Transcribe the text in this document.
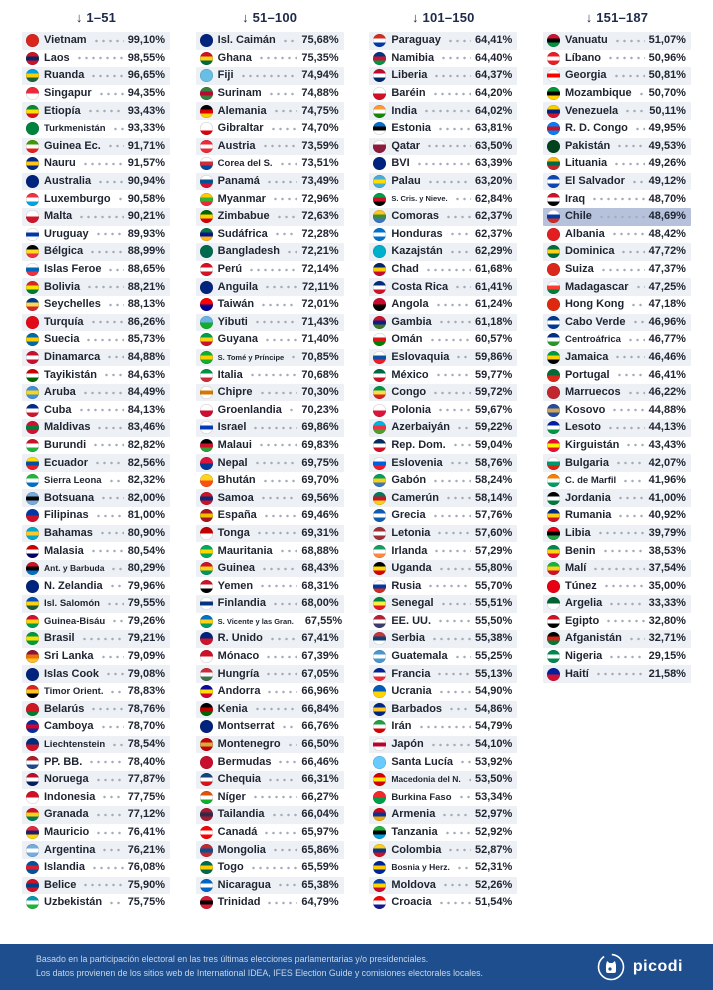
↓ 1–51
Vietnam	99,10%
Laos	98,55%
Ruanda	96,65%
Singapur	94,35%
Etiopía	93,43%
Turkmenistán 93,33%
Guinea Ec. 91,71%
Nauru	91,57%
Australia	90,94%
Luxemburgo 90,58%
Malta	90,21%
Uruguay	89,93%
Bélgica	88,99%
Islas Feroe 88,65%
Bolivia	88,21%
Seychelles 88,13%
Turquía	86,26%
Suecia	85,73%
Dinamarca 84,88%
Tayikistán	84,63%
Aruba	84,49%
Cuba	84,13%
Maldivas	83,46%
Burundi	82,82%
Ecuador	82,56%
Sierra Leona 82,32%
Botsuana	82,00%
Filipinas	81,00%
Bahamas	80,90%
Malasia	80,54%
Ant. y Barbuda 80,29%
N. Zelandia 79,96%
Isl. Salomón	79,55%
Guinea-Bisáu 79,26%
Brasil	79,21%
Sri Lanka	79,09%
Islas Cook	79,08%
Timor Orient. 78,83%
Belarús	78,76%
Camboya	78,70%
Liechtenstein 78,54%
PP. BB.	78,40%
Noruega	77,87%
Indonesia	77,75%
Granada	77,12%
Mauricio	76,41%
Argentina	76,21%
Islandia	76,08%
Belice	75,90%
Uzbekistán 75,75%
↓ 51–100
Isl. Caimán 75,68%
Ghana	75,35%
Fiji	74,94%
Surinam	74,88%
Alemania	74,75%
Gibraltar	74,70%
Austria	73,59%
Corea del S.	73,51%
Panamá	73,49%
Myanmar	72,96%
Zimbabue	72,63%
Sudáfrica	72,28%
Bangladesh 72,21%
Perú	72,14%
Anguila	72,11%
Taiwán	72,01%
Yibuti	71,43%
Guyana	71,40%
S. Tomé y Príncipe 70,85%
Italia	70,68%
Chipre	70,30%
Groenlandia 70,23%
Israel	69,86%
Malaui	69,83%
Nepal	69,75%
Bhután	69,70%
Samoa	69,56%
España	69,46%
Tonga	69,31%
Mauritania	68,88%
Guinea	68,43%
Yemen	68,31%
Finlandia	68,00%
S. Vicente y las Gran. 67,55%
R. Unido	67,41%
Mónaco	67,39%
Hungría	67,05%
Andorra	66,96%
Kenia	66,84%
Montserrat 66,76%
Montenegro 66,50%
Bermudas	66,46%
Chequia	66,31%
Níger	66,27%
Tailandia	66,04%
Canadá	65,97%
Mongolia	65,86%
Togo	65,59%
Nicaragua	65,38%
Trinidad	64,79%
↓ 101–150
Paraguay	64,41%
Namibia	64,40%
Liberia	64,37%
Baréin	64,20%
India	64,02%
Estonia	63,81%
Qatar	63,50%
BVI	63,39%
Palau	63,20%
S. Cris. y Nieve. 62,84%
Comoras	62,37%
Honduras	62,37%
Kazajstán	62,29%
Chad	61,68%
Costa Rica 61,41%
Angola	61,24%
Gambia	61,18%
Omán	60,57%
Eslovaquia 59,86%
México	59,77%
Congo	59,72%
Polonia	59,67%
Azerbaiyán 59,22%
Rep. Dom.	59,04%
Eslovenia	58,76%
Gabón	58,24%
Camerún	58,14%
Grecia	57,76%
Letonia	57,60%
Irlanda	57,29%
Uganda	55,80%
Rusia	55,70%
Senegal	55,51%
EE. UU.	55,50%
Serbia	55,38%
Guatemala 55,25%
Francia	55,13%
Ucrania	54,90%
Barbados	54,86%
Irán	54,79%
Japón	54,10%
Santa Lucía 53,92%
Macedonia del N. 53,50%
Burkina Faso 53,34%
Armenia	52,97%
Tanzania	52,92%
Colombia	52,87%
Bosnia y Herz. 52,31%
Moldova	52,26%
Croacia	51,54%
↓ 151–187
Vanuatu	51,07%
Líbano	50,96%
Georgia	50,81%
Mozambique 50,70%
Venezuela	50,11%
R. D. Congo 49,95%
Pakistán	49,53%
Lituania	49,26%
El Salvador 49,12%
Iraq	48,70%
Chile	48,69%
Albania	48,42%
Dominica	47,72%
Suiza	47,37%
Madagascar 47,25%
Hong Kong 47,18%
Cabo Verde 46,96%
Centroáfrica	46,77%
Jamaica	46,46%
Portugal	46,41%
Marruecos	46,22%
Kosovo	44,88%
Lesoto	44,13%
Kirguistán	43,43%
Bulgaria	42,07%
C. de Marfil	41,96%
Jordania	41,00%
Rumania	40,92%
Libia	39,79%
Benin	38,53%
Malí	37,54%
Túnez	35,00%
Argelia	33,33%
Egipto	32,80%
Afganistán 32,71%
Nigeria	29,15%
Haití	21,58%
Basado en la participación electoral en las tres últimas elecciones parlamentarias y/o presidenciales.
Los datos provienen de los sitios web de International IDEA, IFES Election Guide y comisiones electorales locales.	picodi
